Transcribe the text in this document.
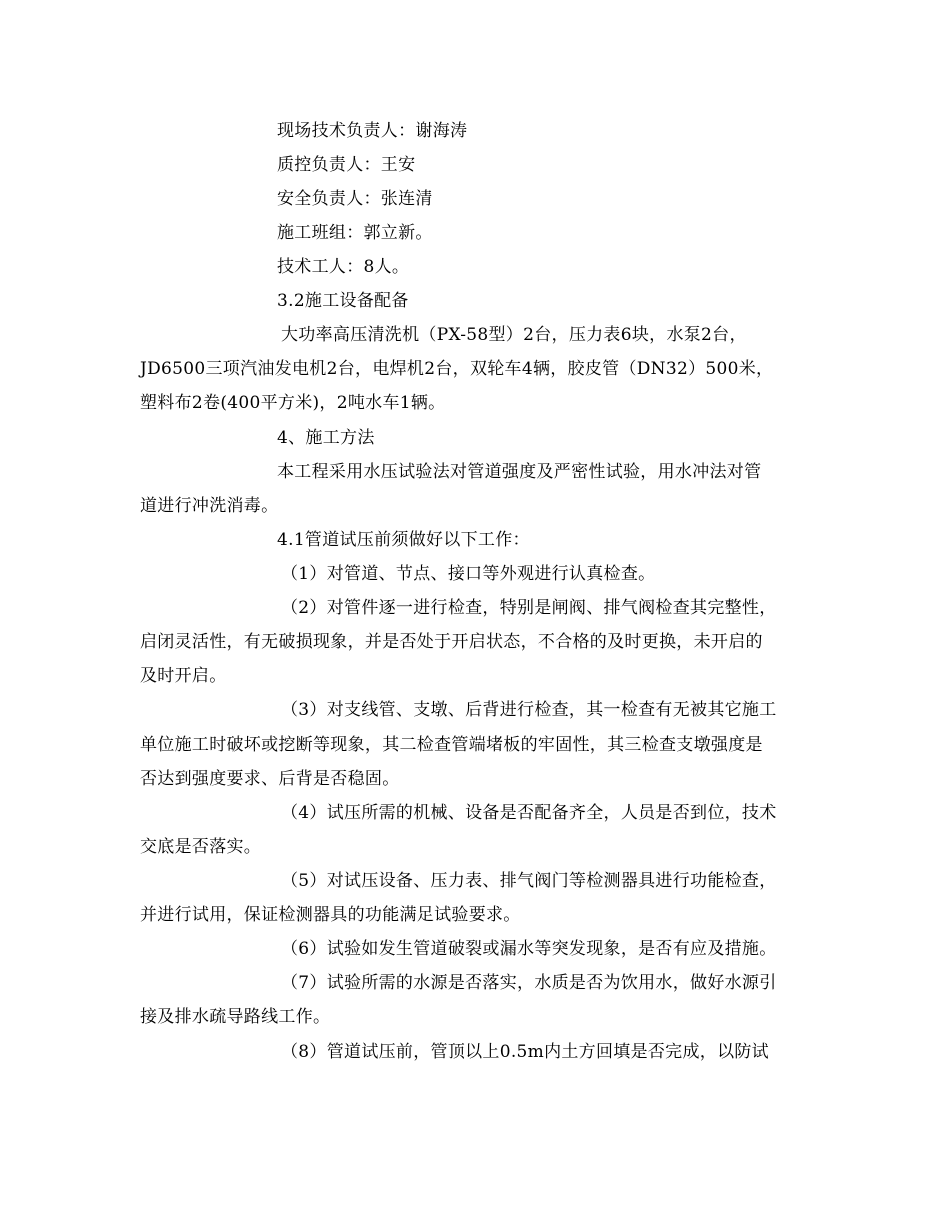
现场技术负责人：谢海涛
质控负责人：王安
安全负责人：张连清
施工班组：郭立新。
技术工人：8人。
3.2施工设备配备
大功率高压清洗机（PX-58型）2台，压力表6块，水泵2台，
JD6500三项汽油发电机2台，电焊机2台，双轮车4辆，胶皮管（DN32）500米，
塑料布2卷(400平方米)，2吨水车1辆。
4、施工方法
本工程采用水压试验法对管道强度及严密性试验，用水冲法对管
道进行冲洗消毒。
4.1管道试压前须做好以下工作：
（1）对管道、节点、接口等外观进行认真检查。
（2）对管件逐一进行检查，特别是闸阀、排气阀检查其完整性，
启闭灵活性，有无破损现象，并是否处于开启状态，不合格的及时更换，未开启的
及时开启。
（3）对支线管、支墩、后背进行检查，其一检查有无被其它施工
单位施工时破坏或挖断等现象，其二检查管端堵板的牢固性，其三检查支墩强度是
否达到强度要求、后背是否稳固。
（4）试压所需的机械、设备是否配备齐全，人员是否到位，技术
交底是否落实。
（5）对试压设备、压力表、排气阀门等检测器具进行功能检查，
并进行试用，保证检测器具的功能满足试验要求。
（6）试验如发生管道破裂或漏水等突发现象，是否有应及措施。
（7）试验所需的水源是否落实，水质是否为饮用水，做好水源引
接及排水疏导路线工作。
（8）管道试压前，管顶以上0.5m内土方回填是否完成，以防试
